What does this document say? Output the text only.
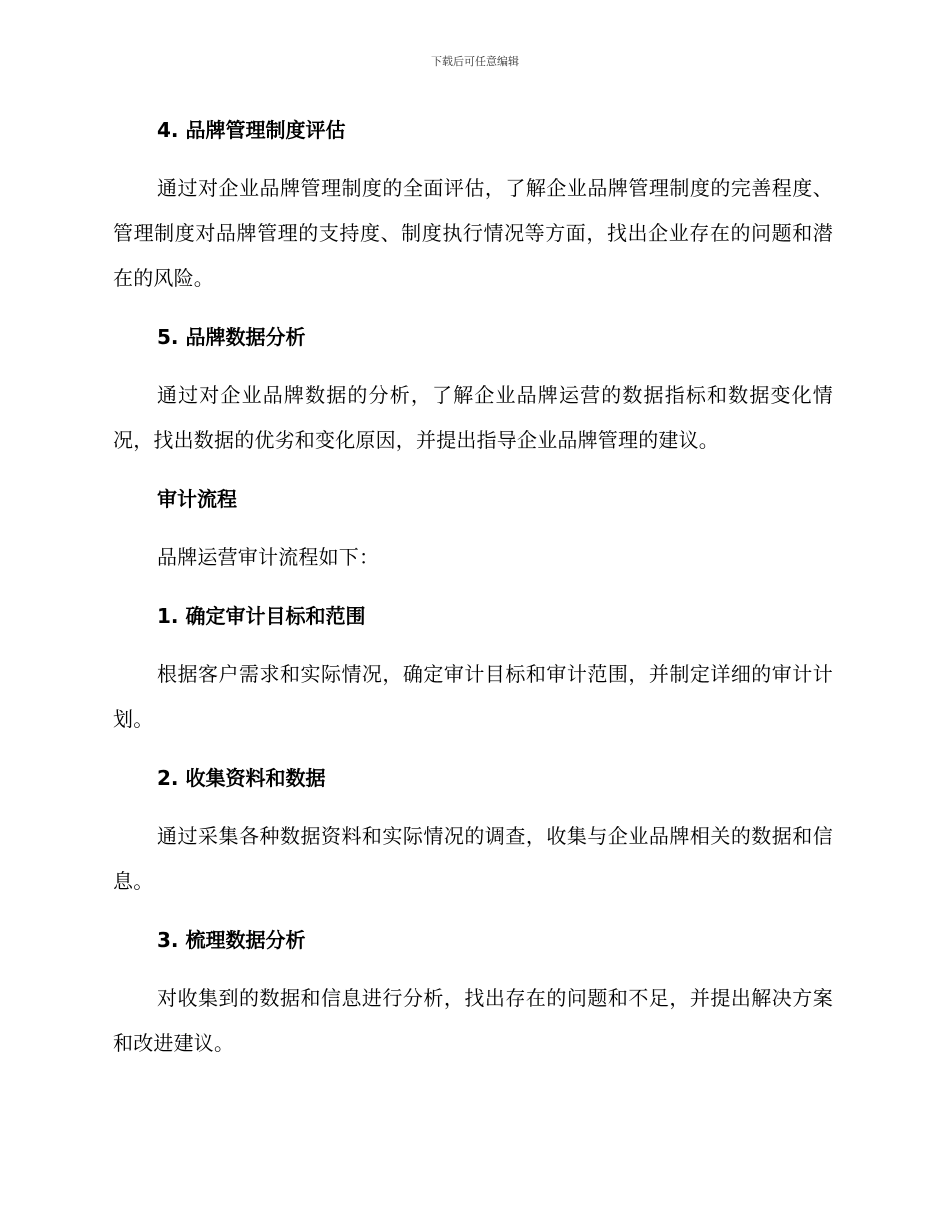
下载后可任意编辑
4. 品牌管理制度评估

通过对企业品牌管理制度的全面评估，了解企业品牌管理制度的完善程度、管理制度对品牌管理的支持度、制度执行情况等方面，找出企业存在的问题和潜在的风险。

5. 品牌数据分析

通过对企业品牌数据的分析，了解企业品牌运营的数据指标和数据变化情况，找出数据的优劣和变化原因，并提出指导企业品牌管理的建议。

审计流程

品牌运营审计流程如下：

1. 确定审计目标和范围

根据客户需求和实际情况，确定审计目标和审计范围，并制定详细的审计计划。

2. 收集资料和数据

通过采集各种数据资料和实际情况的调查，收集与企业品牌相关的数据和信息。

3. 梳理数据分析

对收集到的数据和信息进行分析，找出存在的问题和不足，并提出解决方案和改进建议。
